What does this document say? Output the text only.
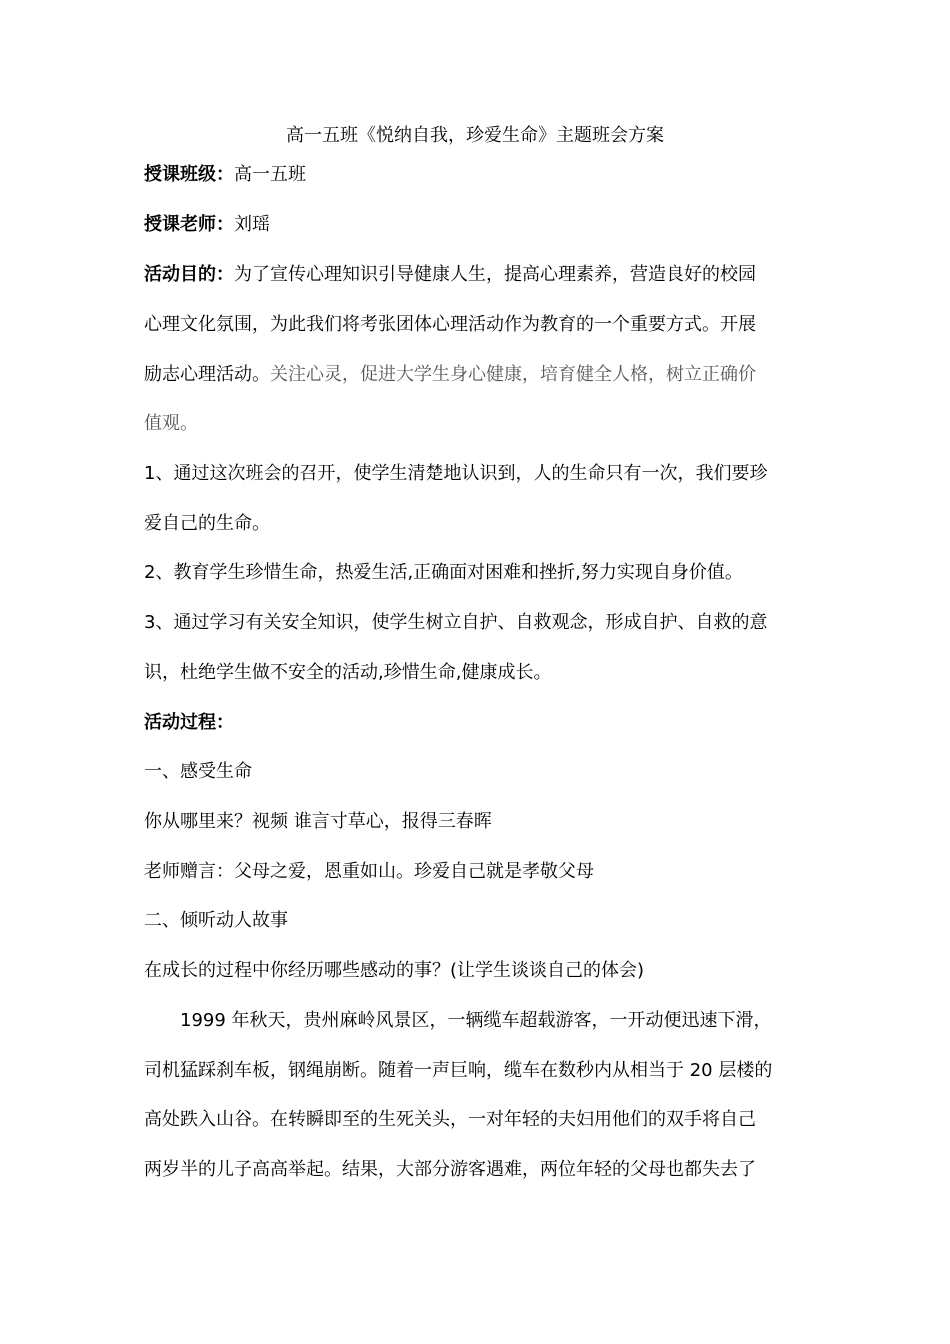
高一五班《悦纳自我，珍爱生命》主题班会方案
授课班级：高一五班
授课老师：刘瑶
活动目的：为了宣传心理知识引导健康人生，提高心理素养，营造良好的校园
心理文化氛围，为此我们将考张团体心理活动作为教育的一个重要方式。开展
励志心理活动。关注心灵，促进大学生身心健康，培育健全人格，树立正确价
值观。
1、通过这次班会的召开，使学生清楚地认识到，人的生命只有一次，我们要珍
爱自己的生命。
2、教育学生珍惜生命，热爱生活,正确面对困难和挫折,努力实现自身价值。
3、通过学习有关安全知识，使学生树立自护、自救观念，形成自护、自救的意
识，杜绝学生做不安全的活动,珍惜生命,健康成长。
活动过程：
一、感受生命
你从哪里来？视频 谁言寸草心，报得三春晖
老师赠言：父母之爱，恩重如山。珍爱自己就是孝敬父母
二、倾听动人故事
在成长的过程中你经历哪些感动的事？(让学生谈谈自己的体会)
1999 年秋天，贵州麻岭风景区，一辆缆车超载游客，一开动便迅速下滑，
司机猛踩刹车板，钢绳崩断。随着一声巨响，缆车在数秒内从相当于 20 层楼的
高处跌入山谷。在转瞬即至的生死关头，一对年轻的夫妇用他们的双手将自己
两岁半的儿子高高举起。结果，大部分游客遇难，两位年轻的父母也都失去了
